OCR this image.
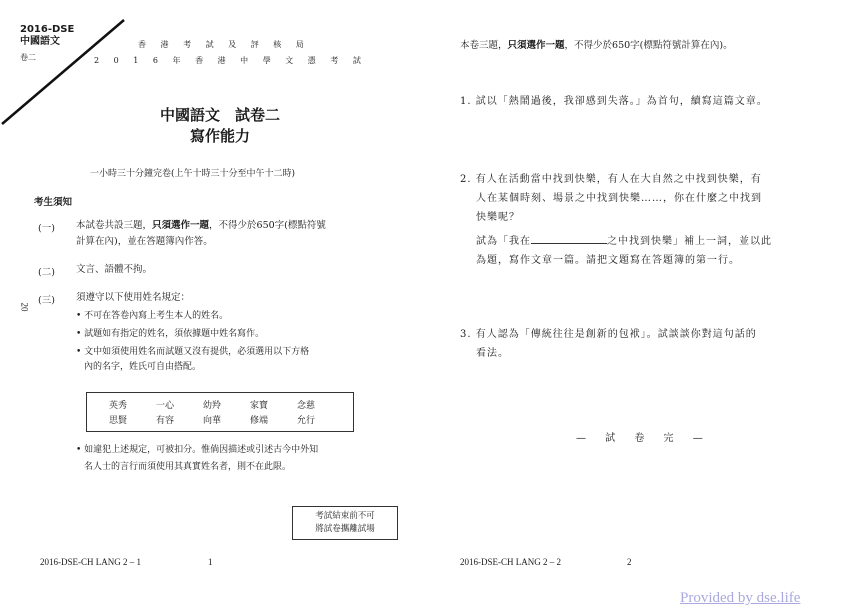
2016-DSE
中國語文
卷二
香 港 考 試 及 評 核 局
2 0 1 6 年 香 港 中 學 文 憑 考 試
中國語文　試卷二
寫作能力
一小時三十分鐘完卷(上午十時三十分至中午十二時)
考生須知
20
(一) 本試卷共設三題，只須選作一題，不得少於650字(標點符號
計算在內)，並在答題簿內作答。
(二) 文言、語體不拘。
(三) 須遵守以下使用姓名規定：
• 不可在答卷內寫上考生本人的姓名。
• 試題如有指定的姓名，須依據題中姓名寫作。
• 文中如須使用姓名而試題又沒有提供，必須選用以下方格
內的名字，姓氏可自由搭配。
英秀	一心	幼羚	家寶	念慈
思賢	有容	向華	修端	允行
• 如違犯上述規定，可被扣分。惟倘因描述或引述古今中外知
名人士的言行而須使用其真實姓名者，則不在此限。
考試結束前不可
將試卷攜離試場
2016-DSE-CH LANG 2 – 1	1
本卷三題，只須選作一題，不得少於650字(標點符號計算在內)。
1. 試以「熱鬧過後，我卻感到失落。」為首句，續寫這篇文章。
2. 有人在活動當中找到快樂，有人在大自然之中找到快樂，有
人在某個時刻、場景之中找到快樂……，你在什麼之中找到
快樂呢？
試為「我在	之中找到快樂」補上一詞，並以此
為題，寫作文章一篇。請把文題寫在答題簿的第一行。
3. 有人認為「傳統往往是創新的包袱」。試談談你對這句話的
看法。
— 試 卷 完 —
2016-DSE-CH LANG 2 – 2	2
Provided by dse.life
